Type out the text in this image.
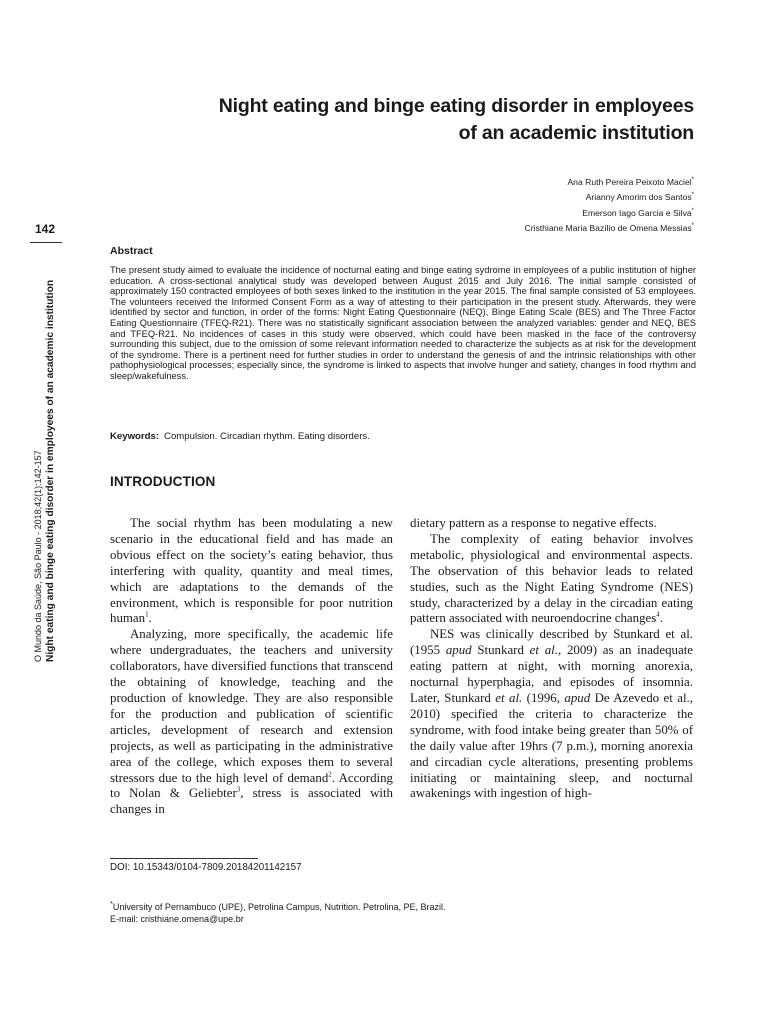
Night eating and binge eating disorder in employees
of an academic institution
Ana Ruth Pereira Peixoto Maciel*
Arianny Amorim dos Santos*
Emerson Iago Garcia e Silva*
Cristhiane Maria Bazílio de Omena Messias*
142
O Mundo da Saúde, São Paulo - 2018;42(1):142-157 Night eating and binge eating disorder in employees of an academic institution
Abstract

The present study aimed to evaluate the incidence of nocturnal eating and binge eating sydrome in employees of a public institution of higher education. A cross-sectional analytical study was developed between August 2015 and July 2016. The initial sample consisted of approximately 150 contracted employees of both sexes linked to the institution in the year 2015. The final sample consisted of 53 employees. The volunteers received the Informed Consent Form as a way of attesting to their participation in the present study. Afterwards, they were identified by sector and function, in order of the forms: Night Eating Questionnaire (NEQ), Binge Eating Scale (BES) and The Three Factor Eating Questionnaire (TFEQ-R21). There was no statistically significant association between the analyzed variables: gender and NEQ, BES and TFEQ-R21. No incidences of cases in this study were observed, which could have been masked in the face of the controversy surrounding this subject, due to the omission of some relevant information needed to characterize the subjects as at risk for the development of the syndrome. There is a pertinent need for further studies in order to understand the genesis of and the intrinsic relationships with other pathophysiological processes; especially since, the syndrome is linked to aspects that involve hunger and satiety, changes in food rhythm and sleep/wakefulness.

Keywords: Compulsion. Circadian rhythm. Eating disorders.
INTRODUCTION

The social rhythm has been modulating a new scenario in the educational field and has made an obvious effect on the society’s eating behavior, thus interfering with quality, quantity and meal times, which are adaptations to the demands of the environment, which is responsible for poor nutrition human$^1$.

Analyzing, more specifically, the academic life where undergraduates, the teachers and university collaborators, have diversified functions that transcend the obtaining of knowledge, teaching and the production of knowledge. They are also responsible for the production and publication of scientific articles, development of research and extension projects, as well as participating in the administrative area of the college, which exposes them to several stressors due to the high level of demand$^2$. According to Nolan & Geliebter$^3$, stress is associated with changes in

dietary pattern as a response to negative effects.

The complexity of eating behavior involves metabolic, physiological and environmental aspects. The observation of this behavior leads to related studies, such as the Night Eating Syndrome (NES) study, characterized by a delay in the circadian eating pattern associated with neuroendocrine changes$^4$.

NES was clinically described by Stunkard et al. (1955 apud Stunkard et al., 2009) as an inadequate eating pattern at night, with morning anorexia, nocturnal hyperphagia, and episodes of insomnia. Later, Stunkard et al. (1996, apud De Azevedo et al., 2010) specified the criteria to characterize the syndrome, with food intake being greater than 50% of the daily value after 19hrs (7 p.m.), morning anorexia and circadian cycle alterations, presenting problems initiating or maintaining sleep, and nocturnal awakenings with ingestion of high-

DOI: 10.15343/0104-7809.20184201142157
*University of Pernambuco (UPE), Petrolina Campus, Nutrition. Petrolina, PE, Brazil.
E-mail: cristhiane.omena@upe.br
